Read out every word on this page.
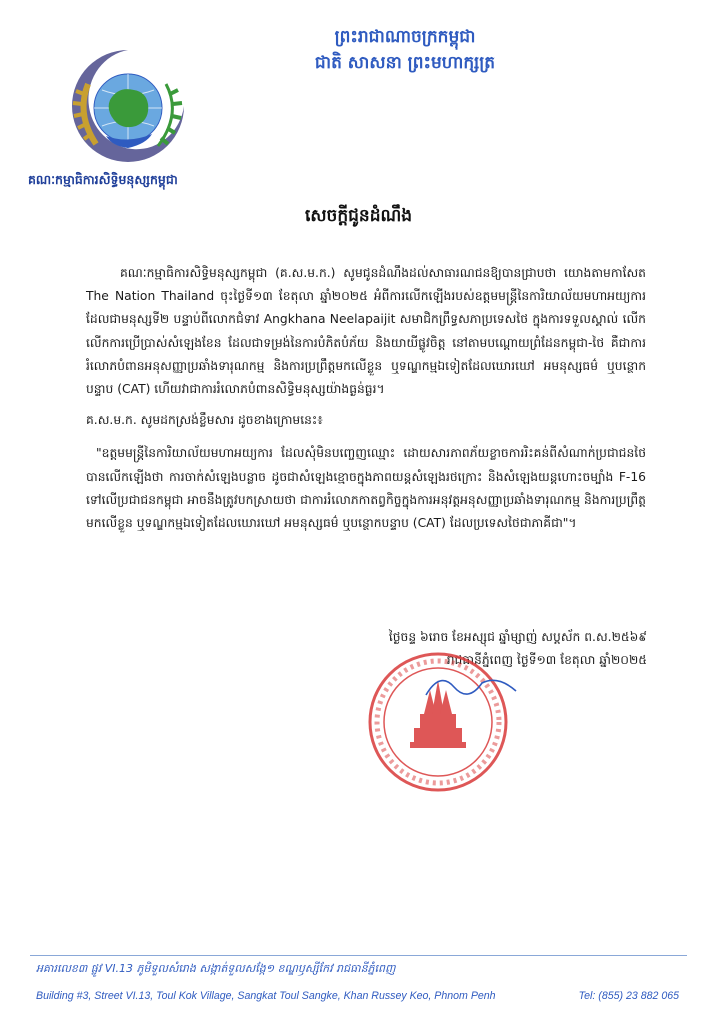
គណៈកម្មាធិការសិទ្ធិមនុស្សកម្ពុជា
ព្រះរាជាណាចក្រកម្ពុជា
ជាតិ សាសនា ព្រះមហាក្សត្រ
សេចក្តីជូនដំណឹង

គណៈកម្មាធិការសិទ្ធិមនុស្សកម្ពុជា (គ.ស.ម.ក.) សូមជូនដំណឹងដល់សាធារណជនឱ្យបានជ្រាបថា យោងតាមកាសែត The Nation Thailand ចុះថ្ងៃទី១៣ ខែតុលា ឆ្នាំ២០២៥ អំពីការលើកឡើងរបស់ឧត្តមមន្ត្រីនៃការិយាល័យមហាអយ្យការ ដែលជាមនុស្សទី២ បន្ទាប់ពីលោកជំទាវ Angkhana Neelapaijit សមាជិកព្រឹទ្ធសភាប្រទេសថៃ ក្នុងការទទួលស្គាល់ លើកលើកការប្រើប្រាស់សំឡេងខែន ដែលជាទម្រង់នៃការបំភិតបំភ័យ និងយាយីផ្លូវចិត្ត នៅតាមបណ្តោយព្រំដែនកម្ពុជា-ថៃ គឺជាការរំលោភបំពានអនុសញ្ញាប្រឆាំងទារុណកម្ម និងការប្រព្រឹត្តមកលើខ្លួន ឬទណ្ឌកម្មឯទៀតដែលឃោរឃៅ អមនុស្សធម៌ ឬបន្ថោកបន្ទាប (CAT) ហើយវាជាការរំលោភបំពានសិទ្ធិមនុស្សយ៉ាងធ្ងន់ធ្ងរ។

គ.ស.ម.ក. សូមដកស្រង់ខ្លឹមសារ ដូចខាងក្រោមនេះ៖

"ឧត្តមមន្ត្រីនៃការិយាល័យមហាអយ្យការ ដែលសុំមិនបញ្ចេញឈ្មោះ ដោយសារភាពភ័យខ្លាចការរិះគន់ពីសំណាក់ប្រជាជនថៃ បានលើកឡើងថា ការចាក់សំឡេងបន្លាច ដូចជាសំឡេងខ្មោចក្នុងភាពយន្តសំឡេងរថក្រោះ និងសំឡេងយន្តហោះចម្បាំង F-16 ទៅលើប្រជាជនកម្ពុជា អាចនឹងត្រូវបកស្រាយថា ជាការរំលោភកាតព្វកិច្ចក្នុងការអនុវត្តអនុសញ្ញាប្រឆាំងទារុណកម្ម និងការប្រព្រឹត្តមកលើខ្លួន ឬទណ្ឌកម្មឯទៀតដែលឃោរឃៅ អមនុស្សធម៌ ឬបន្ថោកបន្ទាប (CAT) ដែលប្រទេសថៃជាភាគីជា"។

ថ្ងៃចន្ទ ៦រោច ខែអស្សុជ ឆ្នាំម្សាញ់ សប្តស័ក ព.ស.២៥៦៩
រាជធានីភ្នំពេញ ថ្ងៃទី១៣ ខែតុលា ឆ្នាំ២០២៥
អគារលេខ៣ ផ្លូវ VI.13 ភូមិទួលសំរោង សង្កាត់ទួលសង្កែ១ ខណ្ឌឫស្សីកែវ រាជធានីភ្នំពេញ
Building #3, Street VI.13, Toul Kok Village, Sangkat Toul Sangke, Khan Russey Keo, Phnom Penh	Tel: (855) 23 882 065
